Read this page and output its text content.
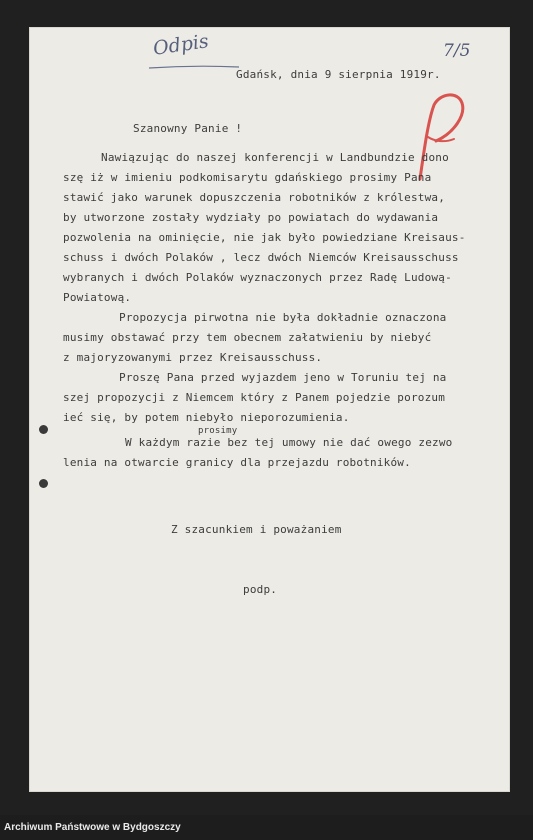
Odpis	7/5
Gdańsk, dnia 9 sierpnia 1919r.
Szanowny Panie !
Nawiązując do naszej konferencji w Landbundzie dono
szę iż w imieniu podkomisarytu gdańskiego prosimy Pana
stawić jako warunek dopuszczenia robotników z królestwa,
by utworzone zostały wydziały po powiatach do wydawania
pozwolenia na ominięcie, nie jak było powiedziane Kreisaus-
schuss i dwóch Polaków , lecz dwóch Niemców Kreisausschuss
wybranych i dwóch Polaków wyznaczonych przez Radę Ludową-
Powiatową.
Propozycja pirwotna nie była dokładnie oznaczona
musimy obstawać przy tem obecnem załatwieniu by niebyć
z majoryzowanymi przez Kreisausschuss.
Proszę Pana przed wyjazdem jeno w Toruniu tej na
szej propozycji z Niemcem który z Panem pojedzie porozum
ieć się, by potem niebyło nieporozumienia.
prosimy
W każdym razie bez tej umowy nie dać owego zezwo
lenia na otwarcie granicy dla przejazdu robotników.
Z szacunkiem i poważaniem
podp.
Archiwum Państwowe w Bydgoszczy
